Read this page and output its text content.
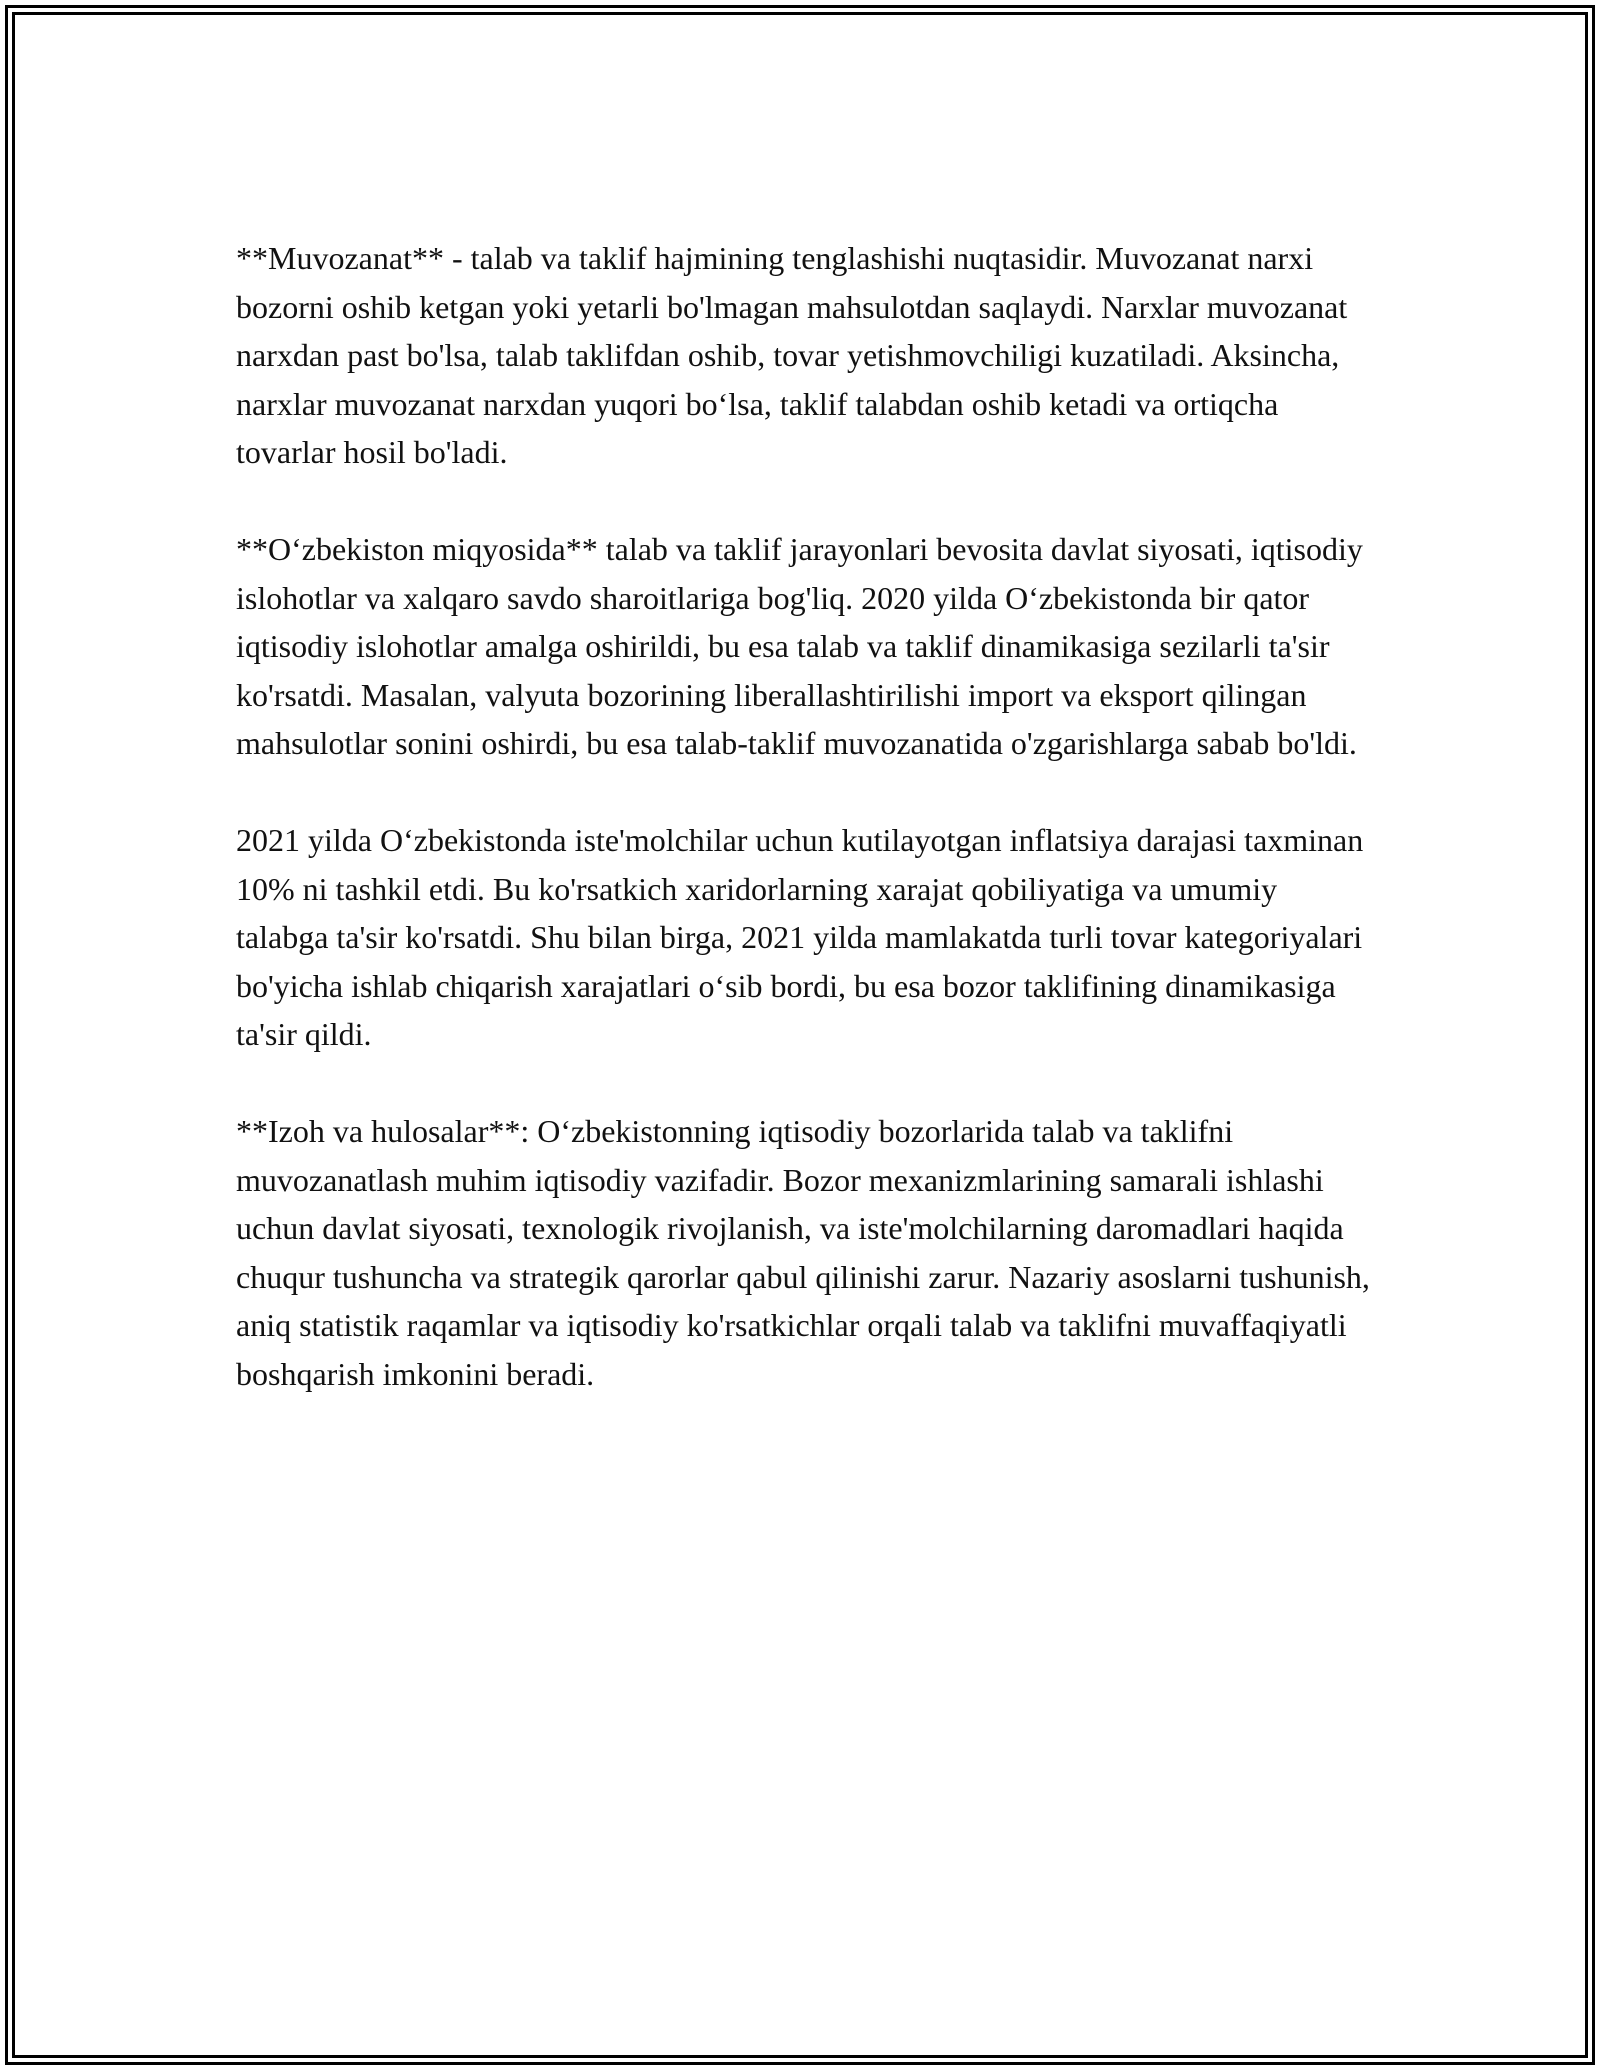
**Muvozanat** - talab va taklif hajmining tenglashishi nuqtasidir. Muvozanat narxi bozorni oshib ketgan yoki yetarli bo'lmagan mahsulotdan saqlaydi. Narxlar muvozanat narxdan past bo'lsa, talab taklifdan oshib, tovar yetishmovchiligi kuzatiladi. Aksincha, narxlar muvozanat narxdan yuqori bo‘lsa, taklif talabdan oshib ketadi va ortiqcha tovarlar hosil bo'ladi.

**O‘zbekiston miqyosida** talab va taklif jarayonlari bevosita davlat siyosati, iqtisodiy islohotlar va xalqaro savdo sharoitlariga bog'liq. 2020 yilda O‘zbekistonda bir qator iqtisodiy islohotlar amalga oshirildi, bu esa talab va taklif dinamikasiga sezilarli ta'sir ko'rsatdi. Masalan, valyuta bozorining liberallashtirilishi import va eksport qilingan mahsulotlar sonini oshirdi, bu esa talab-taklif muvozanatida o'zgarishlarga sabab bo'ldi.

2021 yilda O‘zbekistonda iste'molchilar uchun kutilayotgan inflatsiya darajasi taxminan 10% ni tashkil etdi. Bu ko'rsatkich xaridorlarning xarajat qobiliyatiga va umumiy talabga ta'sir ko'rsatdi. Shu bilan birga, 2021 yilda mamlakatda turli tovar kategoriyalari bo'yicha ishlab chiqarish xarajatlari o‘sib bordi, bu esa bozor taklifining dinamikasiga ta'sir qildi.

**Izoh va hulosalar**: O‘zbekistonning iqtisodiy bozorlarida talab va taklifni muvozanatlash muhim iqtisodiy vazifadir. Bozor mexanizmlarining samarali ishlashi uchun davlat siyosati, texnologik rivojlanish, va iste'molchilarning daromadlari haqida chuqur tushuncha va strategik qarorlar qabul qilinishi zarur. Nazariy asoslarni tushunish, aniq statistik raqamlar va iqtisodiy ko'rsatkichlar orqali talab va taklifni muvaffaqiyatli boshqarish imkonini beradi.
